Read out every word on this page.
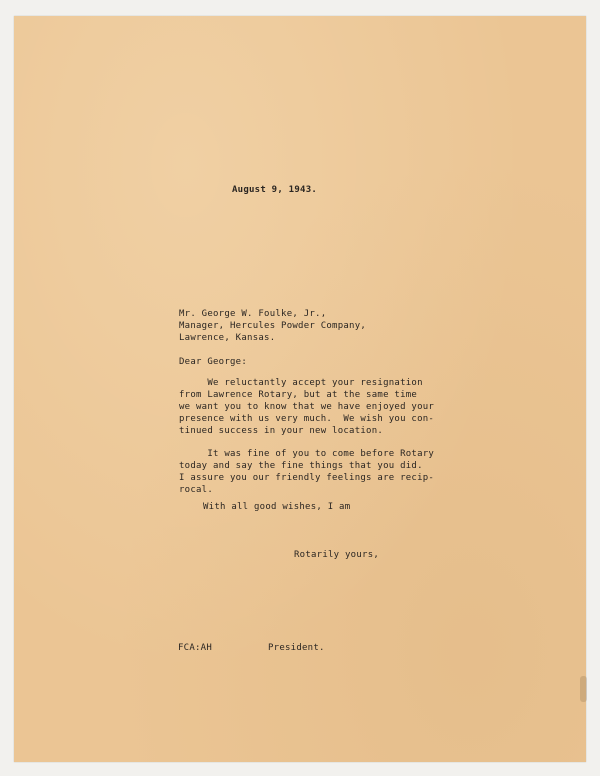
August 9, 1943.

Mr. George W. Foulke, Jr.,
Manager, Hercules Powder Company,
Lawrence, Kansas.

Dear George:

We reluctantly accept your resignation
from Lawrence Rotary, but at the same time
we want you to know that we have enjoyed your
presence with us very much.  We wish you con-
tinued success in your new location.
It was fine of you to come before Rotary
today and say the fine things that you did.
I assure you our friendly feelings are recip-
rocal.

With all good wishes, I am

Rotarily yours,

FCA:AH	President.
